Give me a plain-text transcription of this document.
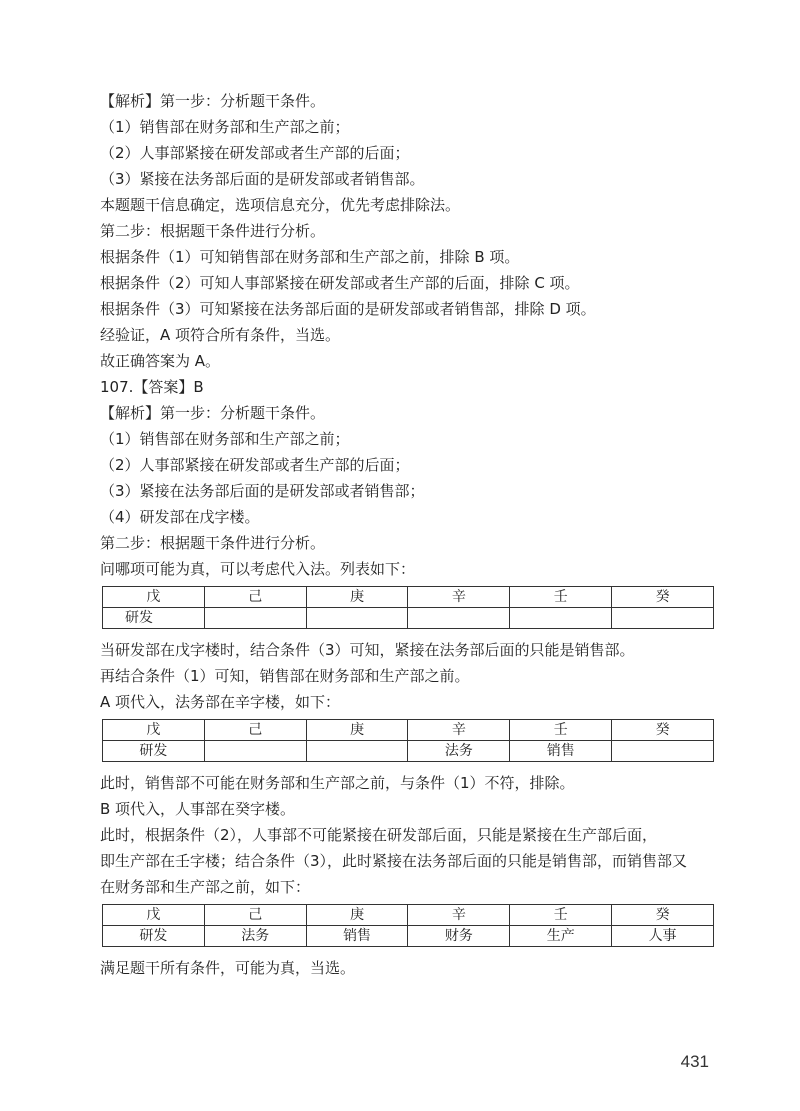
【解析】第一步：分析题干条件。
（1）销售部在财务部和生产部之前；
（2）人事部紧接在研发部或者生产部的后面；
（3）紧接在法务部后面的是研发部或者销售部。
本题题干信息确定，选项信息充分，优先考虑排除法。
第二步：根据题干条件进行分析。
根据条件（1）可知销售部在财务部和生产部之前，排除 B 项。
根据条件（2）可知人事部紧接在研发部或者生产部的后面，排除 C 项。
根据条件（3）可知紧接在法务部后面的是研发部或者销售部，排除 D 项。
经验证，A 项符合所有条件，当选。
故正确答案为 A。
107.【答案】B
【解析】第一步：分析题干条件。
（1）销售部在财务部和生产部之前；
（2）人事部紧接在研发部或者生产部的后面；
（3）紧接在法务部后面的是研发部或者销售部；
（4）研发部在戊字楼。
第二步：根据题干条件进行分析。
问哪项可能为真，可以考虑代入法。列表如下：
戊	己	庚	辛	壬	癸
研发					
当研发部在戊字楼时，结合条件（3）可知，紧接在法务部后面的只能是销售部。
再结合条件（1）可知，销售部在财务部和生产部之前。
A 项代入，法务部在辛字楼，如下：
戊	己	庚	辛	壬	癸
研发			法务	销售	
此时，销售部不可能在财务部和生产部之前，与条件（1）不符，排除。
B 项代入，人事部在癸字楼。
此时，根据条件（2），人事部不可能紧接在研发部后面，只能是紧接在生产部后面，
即生产部在壬字楼；结合条件（3），此时紧接在法务部后面的只能是销售部，而销售部又
在财务部和生产部之前，如下：
戊	己	庚	辛	壬	癸
研发	法务	销售	财务	生产	人事
满足题干所有条件，可能为真，当选。
431
